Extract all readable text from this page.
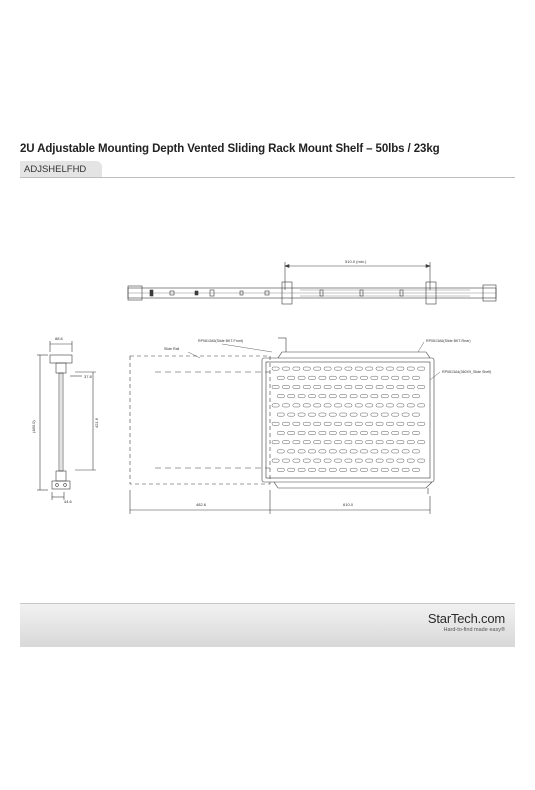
2U Adjustable Mounting Depth Vented Sliding Rack Mount Shelf – 50lbs / 23kg
ADJSHELFHD
510.0 (min.)
88.6
(480.0)	421.6
37.8
44.6
RP0613A5(Slide BKT-Front)
Slide Rail
RP0613A6(Slide BKT-Rear)
RP0613A4(360X9_Slide Shelf)
482.6	610.0
StarTech.com
Hard-to-find made easy®
